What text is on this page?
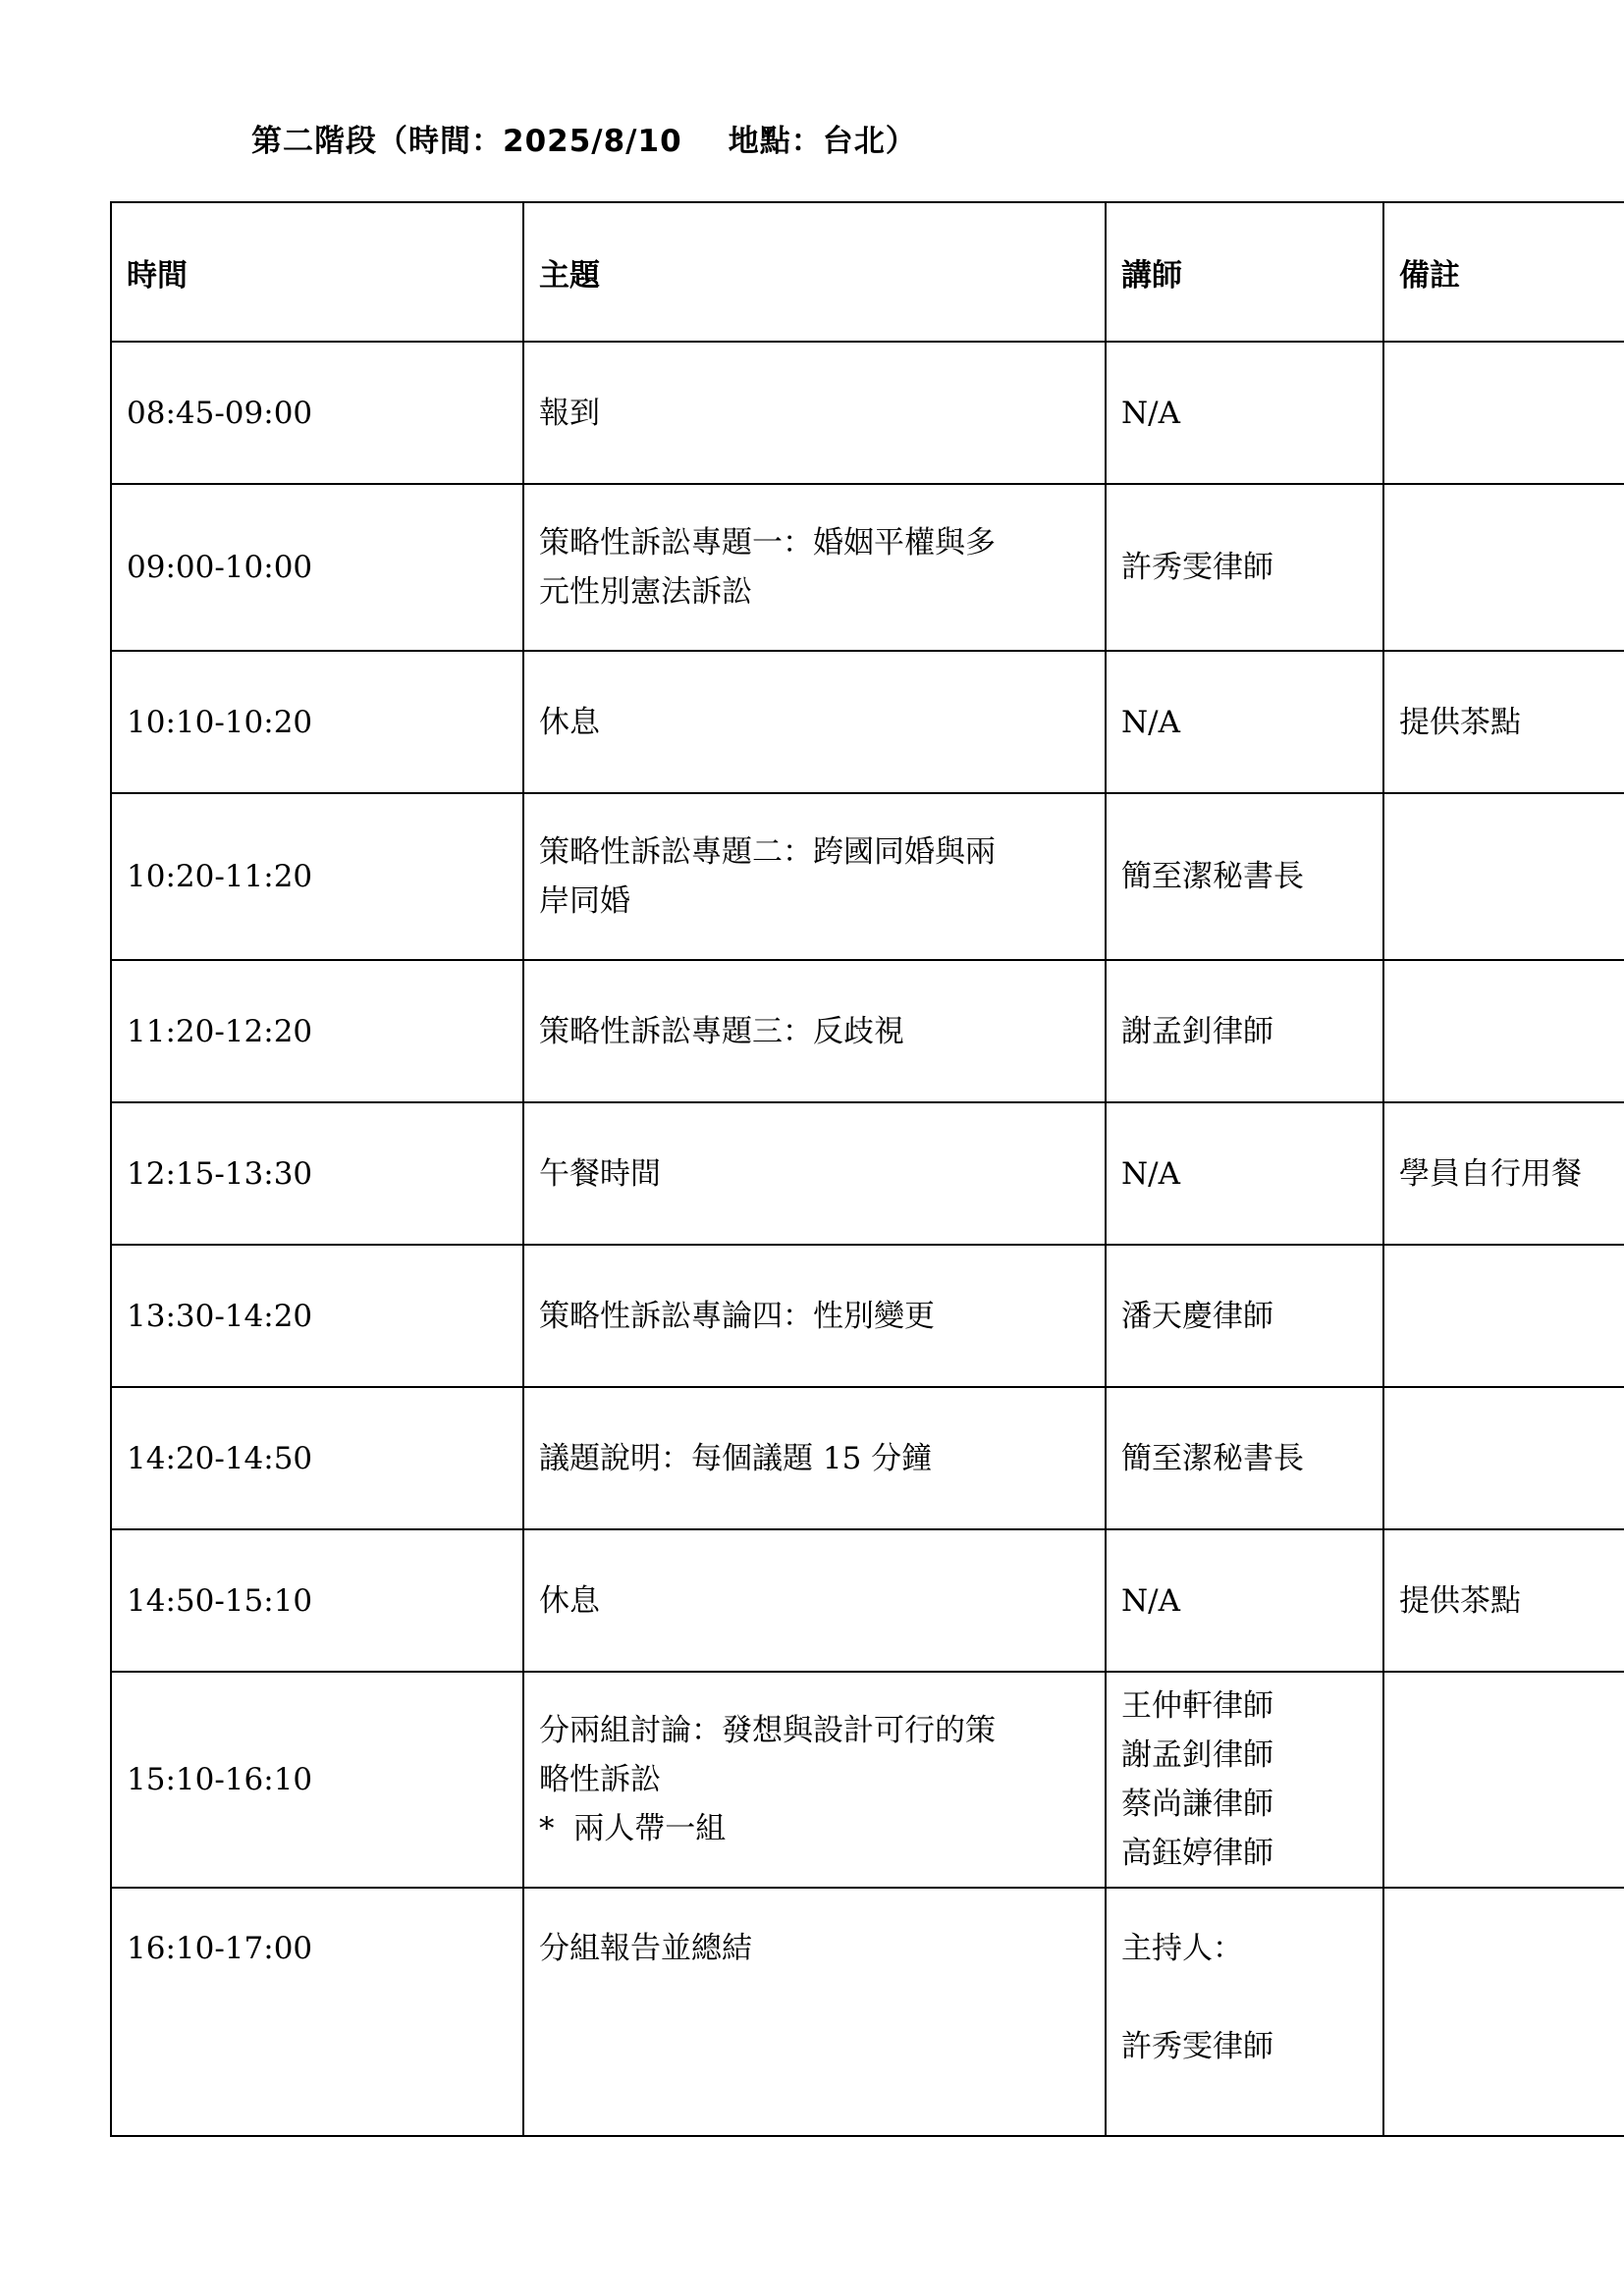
第二階段（時間：2025/8/10    地點：台北）
時間	主題	講師	備註
08:45-09:00	報到	N/A	

09:00-10:00	策略性訴訟專題一：婚姻平權與多
元性別憲法訴訟	許秀雯律師	

10:10-10:20	休息	N/A	提供茶點
10:20-11:20	策略性訴訟專題二：跨國同婚與兩
岸同婚	簡至潔秘書長	

11:20-12:20	策略性訴訟專題三：反歧視	謝孟釗律師	

12:15-13:30	午餐時間	N/A	學員自行用餐
13:30-14:20	策略性訴訟專論四：性別變更	潘天慶律師	

14:20-14:50	議題說明：每個議題 15 分鐘	簡至潔秘書長	

14:50-15:10	休息	N/A	提供茶點
15:10-16:10	分兩組討論：發想與設計可行的策
略性訴訟
*  兩人帶一組	王仲軒律師
謝孟釗律師
蔡尚謙律師
高鈺婷律師	

16:10-17:00	分組報告並總結	主持人：
許秀雯律師	
